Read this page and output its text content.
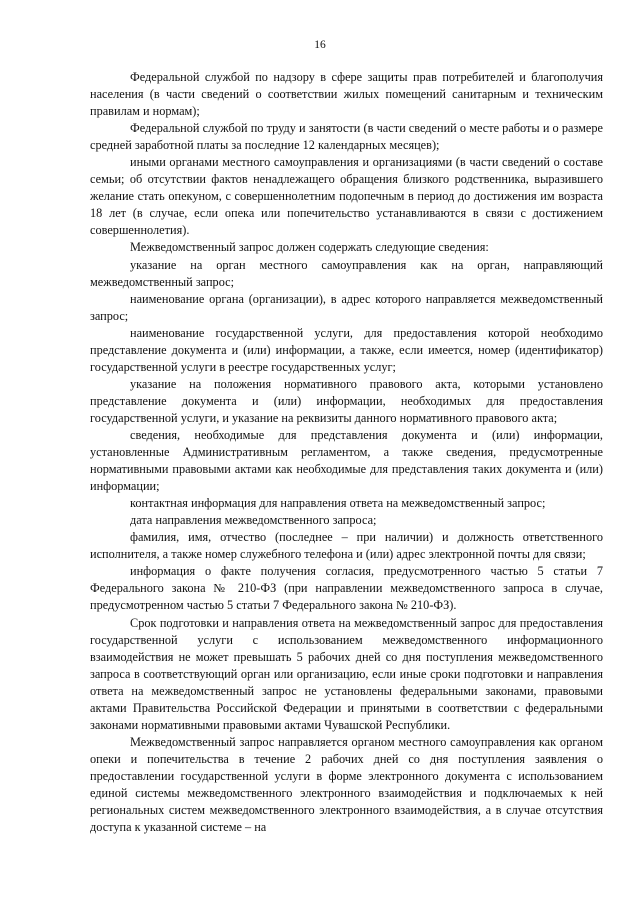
16

Федеральной службой по надзору в сфере защиты прав потребителей и благополучия населения (в части сведений о соответствии жилых помещений санитарным и техническим правилам и нормам);

Федеральной службой по труду и занятости (в части сведений о месте работы и о размере средней заработной платы за последние 12 календарных месяцев);

иными органами местного самоуправления и организациями (в части сведений о составе семьи; об отсутствии фактов ненадлежащего обращения близкого родственника, выразившего желание стать опекуном, с совершеннолетним подопечным в период до достижения им возраста 18 лет (в случае, если опека или попечительство устанавливаются в связи с достижением совершеннолетия).

Межведомственный запрос должен содержать следующие сведения:

указание на орган местного самоуправления как на орган, направляющий межведомственный запрос;

наименование органа (организации), в адрес которого направляется межведомственный запрос;

наименование государственной услуги, для предоставления которой необходимо представление документа и (или) информации, а также, если имеется, номер (идентификатор) государственной услуги в реестре государственных услуг;

указание на положения нормативного правового акта, которыми установлено представление документа и (или) информации, необходимых для предоставления государственной услуги, и указание на реквизиты данного нормативного правового акта;

сведения, необходимые для представления документа и (или) информации, установленные Административным регламентом, а также сведения, предусмотренные нормативными правовыми актами как необходимые для представления таких документа и (или) информации;

контактная информация для направления ответа на межведомственный запрос;

дата направления межведомственного запроса;

фамилия, имя, отчество (последнее – при наличии) и должность ответственного исполнителя, а также номер служебного телефона и (или) адрес электронной почты для связи;

информация о факте получения согласия, предусмотренного частью 5 статьи 7 Федерального закона № 210-ФЗ (при направлении межведомственного запроса в случае, предусмотренном частью 5 статьи 7 Федерального закона № 210-ФЗ).

Срок подготовки и направления ответа на межведомственный запрос для предоставления государственной услуги с использованием межведомственного информационного взаимодействия не может превышать 5 рабочих дней со дня поступления межведомственного запроса в соответствующий орган или организацию, если иные сроки подготовки и направления ответа на межведомственный запрос не установлены федеральными законами, правовыми актами Правительства Российской Федерации и принятыми в соответствии с федеральными законами нормативными правовыми актами Чувашской Республики.

Межведомственный запрос направляется органом местного самоуправления как органом опеки и попечительства в течение 2 рабочих дней со дня поступления заявления о предоставлении государственной услуги в форме электронного документа с использованием единой системы межведомственного электронного взаимодействия и подключаемых к ней региональных систем межведомственного электронного взаимодействия, а в случае отсутствия доступа к указанной системе – на
